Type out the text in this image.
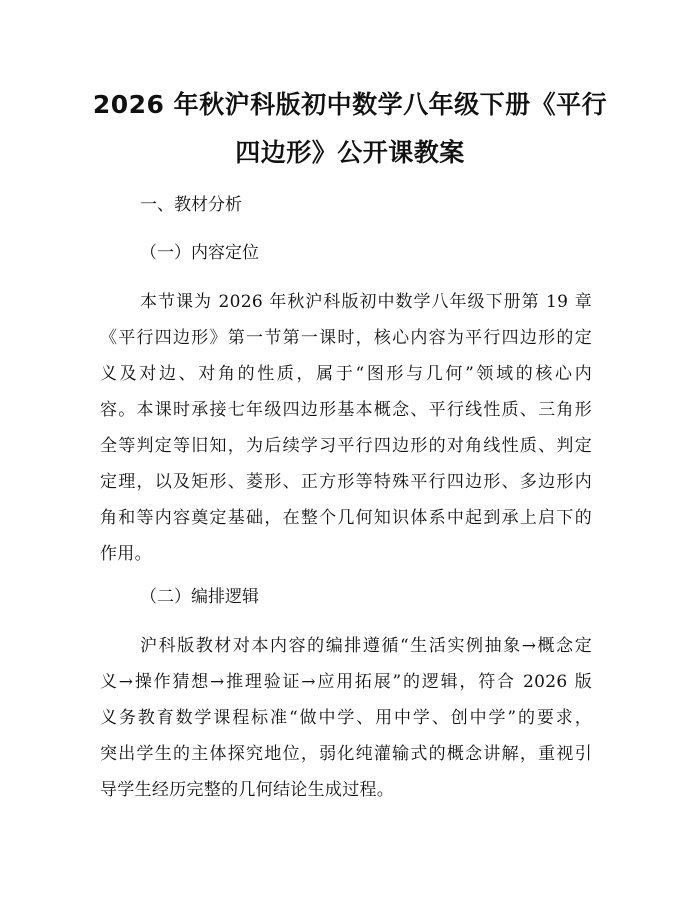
2026 年秋沪科版初中数学八年级下册《平行
四边形》公开课教案
一、教材分析
（一）内容定位
本节课为 2026 年秋沪科版初中数学八年级下册第 19 章
《平行四边形》第一节第一课时，核心内容为平行四边形的定
义及对边、对角的性质，属于“图形与几何”领域的核心内
容。本课时承接七年级四边形基本概念、平行线性质、三角形
全等判定等旧知，为后续学习平行四边形的对角线性质、判定
定理，以及矩形、菱形、正方形等特殊平行四边形、多边形内
角和等内容奠定基础，在整个几何知识体系中起到承上启下的
作用。
（二）编排逻辑
沪科版教材对本内容的编排遵循“生活实例抽象→概念定
义→操作猜想→推理验证→应用拓展”的逻辑，符合 2026 版
义务教育数学课程标准“做中学、用中学、创中学”的要求，
突出学生的主体探究地位，弱化纯灌输式的概念讲解，重视引
导学生经历完整的几何结论生成过程。
